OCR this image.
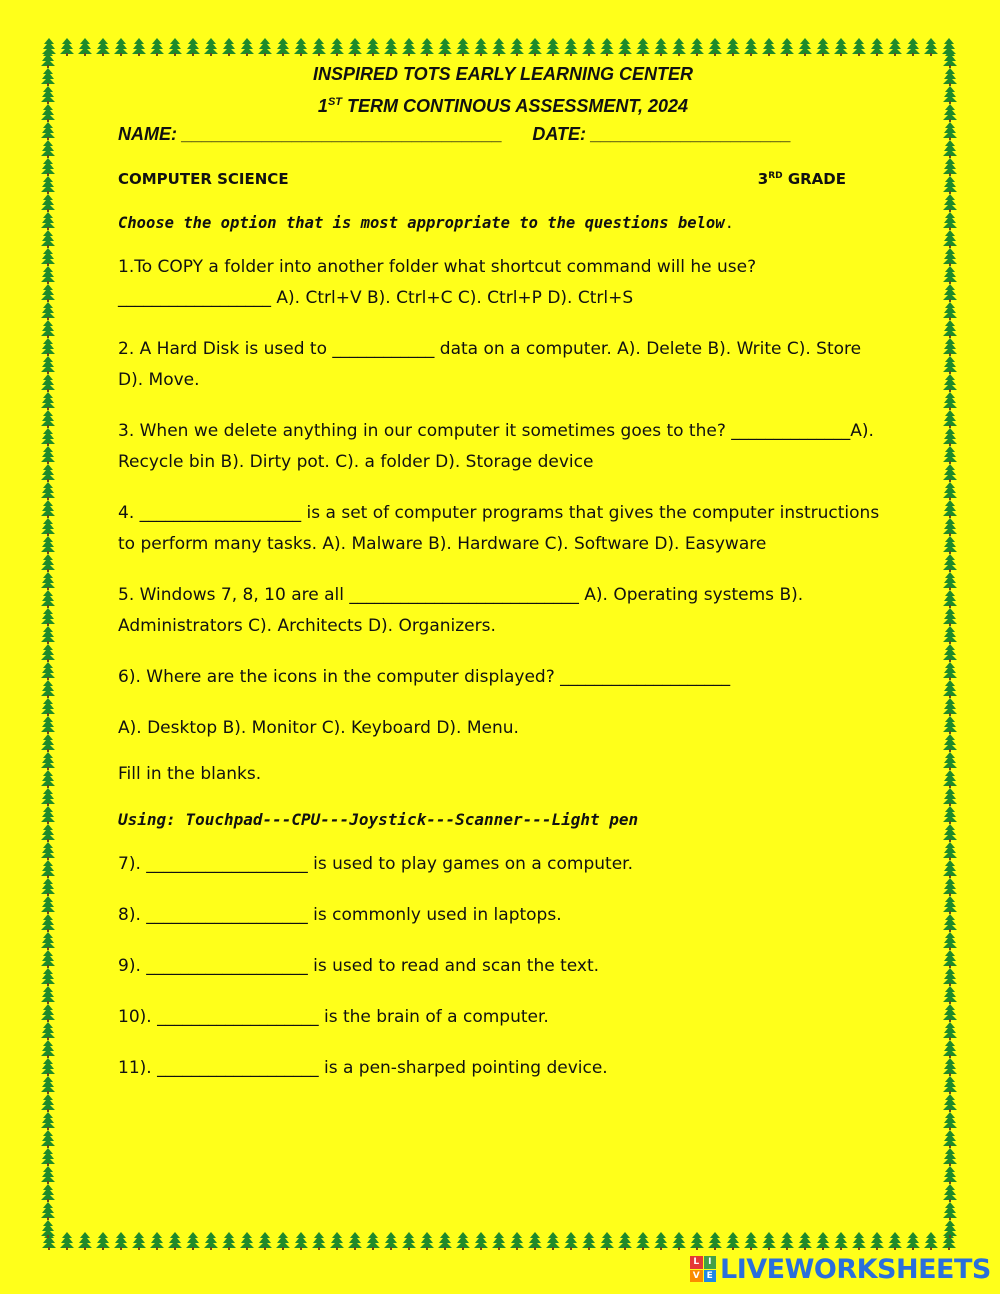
INSPIRED TOTS EARLY LEARNING CENTER
1ST TERM CONTINOUS ASSESSMENT, 2024
NAME: ________________________________ DATE: ____________________
COMPUTER SCIENCE	3RD GRADE
Choose the option that is most appropriate to the questions below.
1.To COPY a folder into another folder what shortcut command will he use? __________________ A). Ctrl+V B). Ctrl+C C). Ctrl+P D). Ctrl+S
2. A Hard Disk is used to ____________ data on a computer. A). Delete B). Write C). Store D). Move.
3. When we delete anything in our computer it sometimes goes to the? ______________A). Recycle bin B). Dirty pot. C). a folder D). Storage device
4. ___________________ is a set of computer programs that gives the computer instructions to perform many tasks. A). Malware B). Hardware C). Software D). Easyware
5. Windows 7, 8, 10 are all ___________________________ A). Operating systems B). Administrators C). Architects D). Organizers.
6). Where are the icons in the computer displayed? ____________________
A). Desktop B). Monitor C). Keyboard D). Menu.
Fill in the blanks.
Using: Touchpad---CPU---Joystick---Scanner---Light pen
7). ___________________ is used to play games on a computer.
8). ___________________ is commonly used in laptops.
9). ___________________ is used to read and scan the text.
10). ___________________ is the brain of a computer.
11). ___________________ is a pen-sharped pointing device.
L I
V E LIVEWORKSHEETS
